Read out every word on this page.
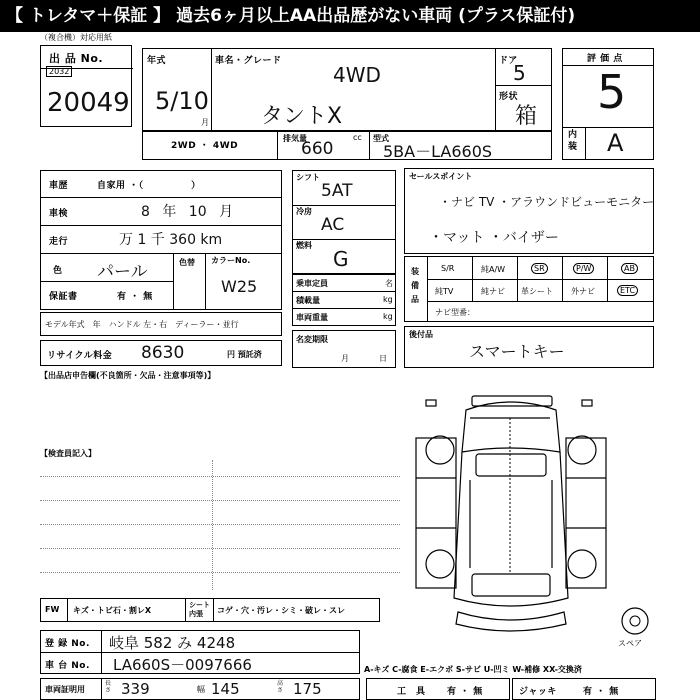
【 トレタマ＋保証 】 過去6ヶ月以上AA出品歴がない車両 (プラス保証付)
（複合機）対応用紙
出 品 No.
2032
20049
年式
5/10
月
車名・グレード
4WD
タントX
ドア
5
形状
箱
2WD ・ 4WD
排気量	cc
660
型式
5BA－LA660S
評 価 点
5
内装 A
車歴	自家用 ・（　　　　　）
車検	8 年 10 月
走行	万 1 千 360 km
色 パール	色替 カラーNo.
W25
保証書	有 ・ 無
モデル年式　年　ハンドル 左・右　ディーラー・並行
シフト
5AT
冷房
AC
燃料
G
乗車定員	名
積載量	kg
車両重量	kg
名変期限
月	日
セールスポイント
・ナビ TV ・アラウンドビューモニター
・マット ・バイザー
装備品
S/R	純A/W	SR	P/W	AB
純TV	純ナビ 革シート 外ナビ	ETC
ナビ型番：
リサイクル料金 8630	円 預託済
後付品
スマートキー
【出品店申告欄(不良箇所・欠品・注意事項等)】
【検査員記入】
スペア
FW キズ・トビ石・割レX
シート内張	コゲ・穴・汚レ・シミ・破レ・スレ
登 録 No. 岐阜 582 み 4248
車 台 No. LA660S－0097666	A-キズ C-腐食 E-エクボ S-サビ U-凹ミ W-補修 XX-交換済
車両証明用
長さ 339	幅 145	高さ 175	工　具 有 ・ 無	ジャッキ	有 ・ 無
